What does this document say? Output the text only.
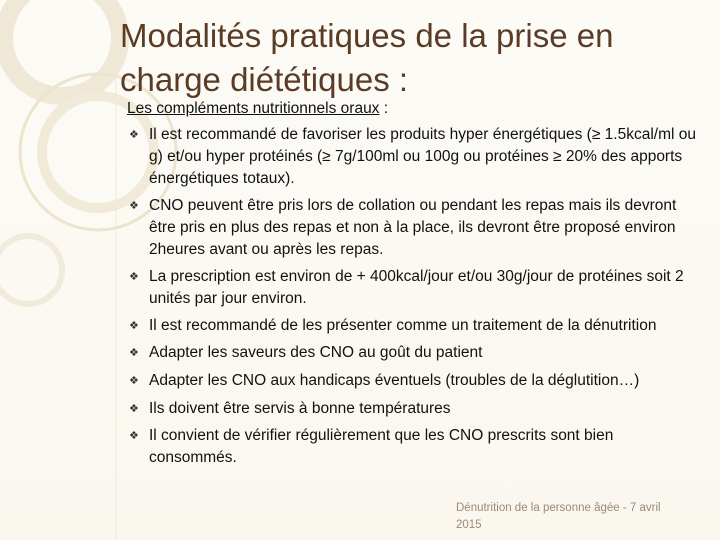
Modalités pratiques de la prise en
charge diététiques :

Les compléments nutritionnels oraux :

❖ Il est recommandé de favoriser les produits hyper énergétiques (≥ 1.5kcal/ml ou g) et/ou hyper protéinés (≥ 7g/100ml ou 100g ou protéines ≥ 20% des apports énergétiques totaux).
❖ CNO peuvent être pris lors de collation ou pendant les repas mais ils devront être pris en plus des repas et non à la place, ils devront être proposé environ 2heures avant ou après les repas.
❖ La prescription est environ de + 400kcal/jour et/ou 30g/jour de protéines soit 2 unités par jour environ.
❖ Il est recommandé de les présenter comme un traitement de la dénutrition
❖ Adapter les saveurs des CNO au goût du patient
❖ Adapter les CNO aux handicaps éventuels (troubles de la déglutition…)
❖ Ils doivent être servis à bonne températures
❖ Il convient de vérifier régulièrement que les CNO prescrits sont bien consommés.
Dénutrition de la personne âgée - 7 avril
2015
